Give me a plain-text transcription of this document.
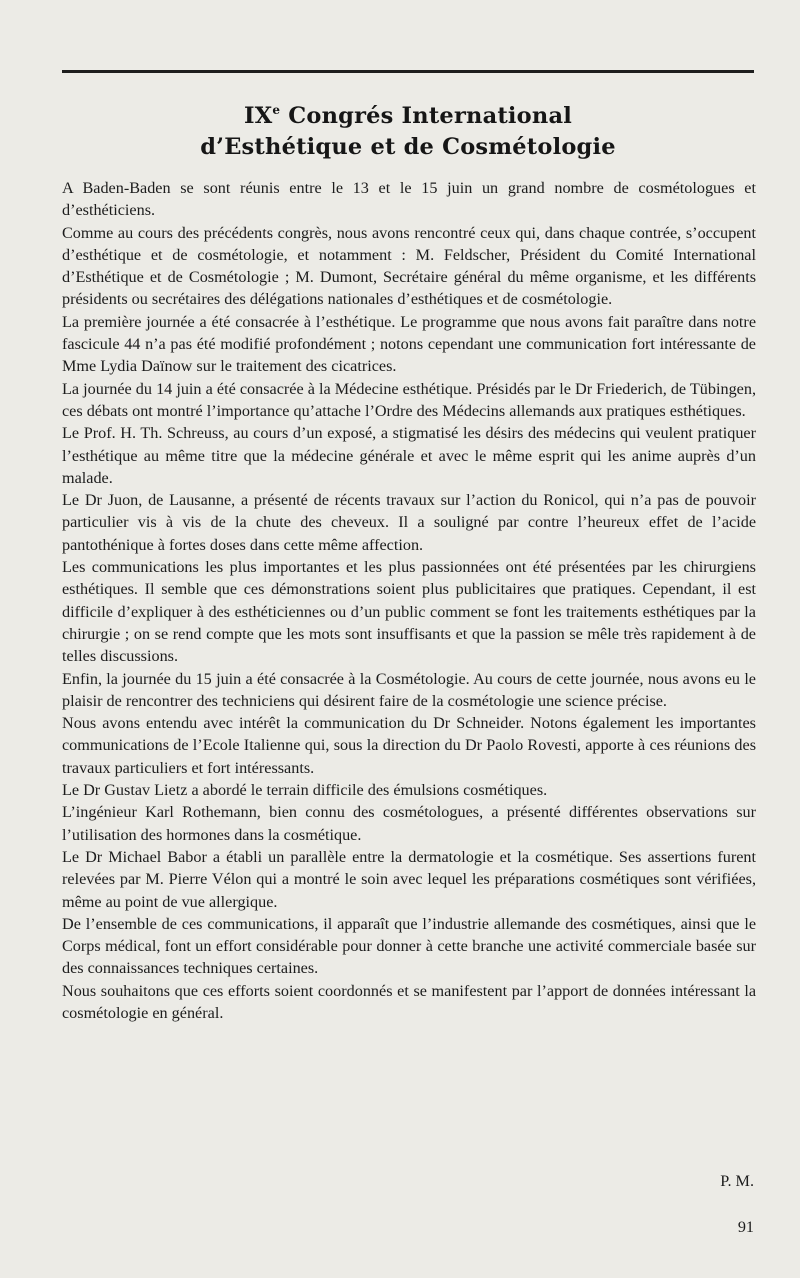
IXe Congrés International
d’Esthétique et de Cosmétologie

A Baden-Baden se sont réunis entre le 13 et le 15 juin un grand nombre de cosmétologues et d’esthéticiens.

Comme au cours des précédents congrès, nous avons rencontré ceux qui, dans chaque contrée, s’occupent d’esthétique et de cosmétologie, et notamment : M. Feldscher, Président du Comité International d’Esthétique et de Cosmétologie ; M. Dumont, Secrétaire général du même organisme, et les différents présidents ou secrétaires des délégations nationales d’esthétiques et de cosmétologie.

La première journée a été consacrée à l’esthétique. Le programme que nous avons fait paraître dans notre fascicule 44 n’a pas été modifié profondément ; notons cependant une communication fort intéressante de Mme Lydia Daïnow sur le traitement des cicatrices.

La journée du 14 juin a été consacrée à la Médecine esthétique. Présidés par le Dr Friederich, de Tübingen, ces débats ont montré l’importance qu’attache l’Ordre des Médecins allemands aux pratiques esthétiques.

Le Prof. H. Th. Schreuss, au cours d’un exposé, a stigmatisé les désirs des médecins qui veulent pratiquer l’esthétique au même titre que la médecine générale et avec le même esprit qui les anime auprès d’un malade.

Le Dr Juon, de Lausanne, a présenté de récents travaux sur l’action du Ronicol, qui n’a pas de pouvoir particulier vis à vis de la chute des cheveux. Il a souligné par contre l’heureux effet de l’acide pantothénique à fortes doses dans cette même affection.

Les communications les plus importantes et les plus passionnées ont été présentées par les chirurgiens esthétiques. Il semble que ces démonstrations soient plus publicitaires que pratiques. Cependant, il est difficile d’expliquer à des esthéticiennes ou d’un public comment se font les traitements esthétiques par la chirurgie ; on se rend compte que les mots sont insuffisants et que la passion se mêle très rapidement à de telles discussions.

Enfin, la journée du 15 juin a été consacrée à la Cosmétologie. Au cours de cette journée, nous avons eu le plaisir de rencontrer des techniciens qui désirent faire de la cosmétologie une science précise.

Nous avons entendu avec intérêt la communication du Dr Schneider. Notons également les importantes communications de l’Ecole Italienne qui, sous la direction du Dr Paolo Rovesti, apporte à ces réunions des travaux particuliers et fort intéressants.

Le Dr Gustav Lietz a abordé le terrain difficile des émulsions cosmétiques.

L’ingénieur Karl Rothemann, bien connu des cosmétologues, a présenté différentes observations sur l’utilisation des hormones dans la cosmétique.

Le Dr Michael Babor a établi un parallèle entre la dermatologie et la cosmétique. Ses assertions furent relevées par M. Pierre Vélon qui a montré le soin avec lequel les préparations cosmétiques sont vérifiées, même au point de vue allergique.

De l’ensemble de ces communications, il apparaît que l’industrie allemande des cosmétiques, ainsi que le Corps médical, font un effort considérable pour donner à cette branche une activité commerciale basée sur des connaissances techniques certaines.

Nous souhaitons que ces efforts soient coordonnés et se manifestent par l’apport de données intéressant la cosmétologie en général.

P. M.

91
